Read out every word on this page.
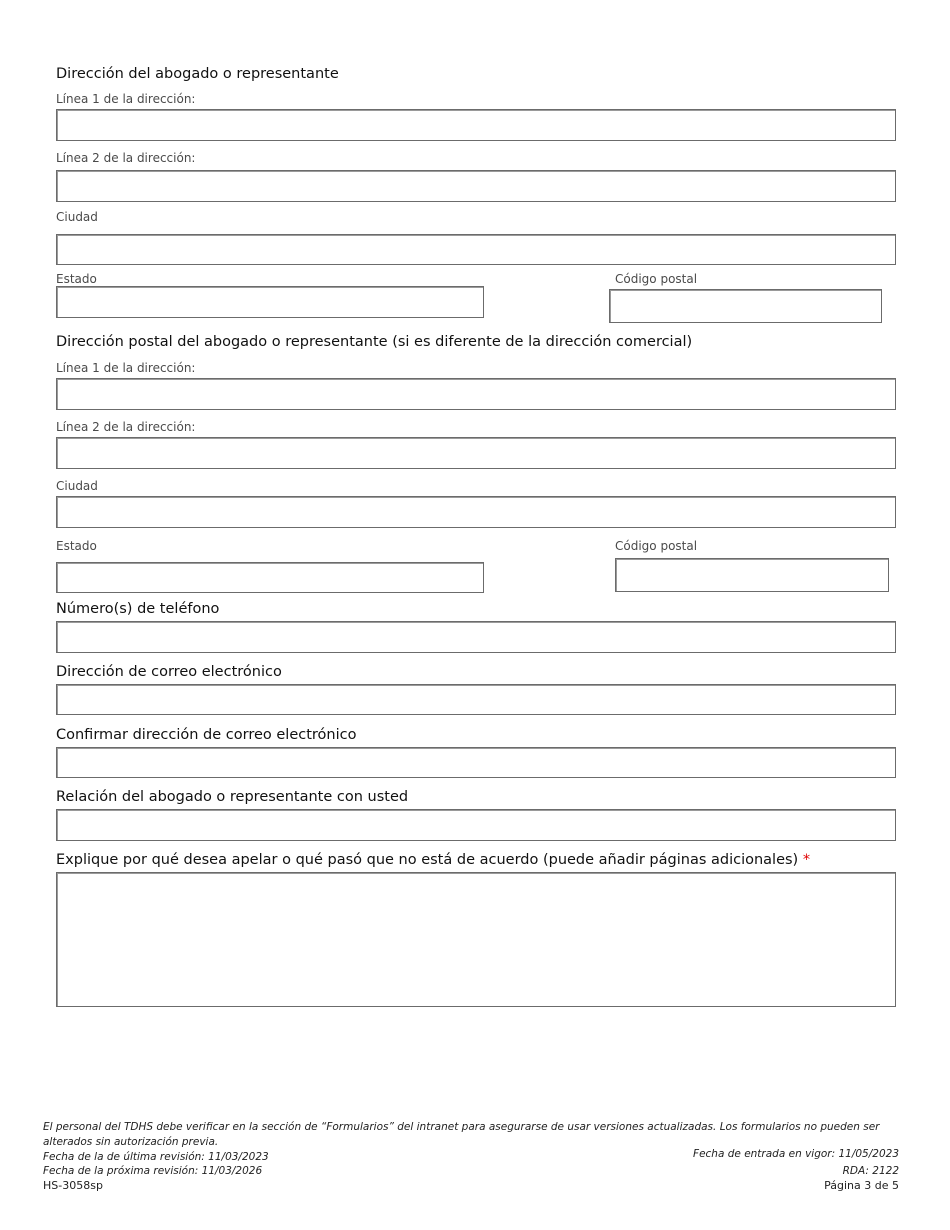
Dirección del abogado o representante
Línea 1 de la dirección:
Línea 2 de la dirección:
Ciudad
Estado	Código postal
Dirección postal del abogado o representante (si es diferente de la dirección comercial)
Línea 1 de la dirección:
Línea 2 de la dirección:
Ciudad
Estado	Código postal
Número(s) de teléfono
Dirección de correo electrónico
Confirmar dirección de correo electrónico
Relación del abogado o representante con usted
Explique por qué desea apelar o qué pasó que no está de acuerdo (puede añadir páginas adicionales) *
El personal del TDHS debe verificar en la sección de “Formularios” del intranet para asegurarse de usar versiones actualizadas. Los formularios no pueden ser alterados sin autorización previa.
Fecha de la de última revisión: 11/03/2023
Fecha de la próxima revisión: 11/03/2026
HS-3058sp
Fecha de entrada en vigor: 11/05/2023
RDA: 2122
Página 3 de 5
